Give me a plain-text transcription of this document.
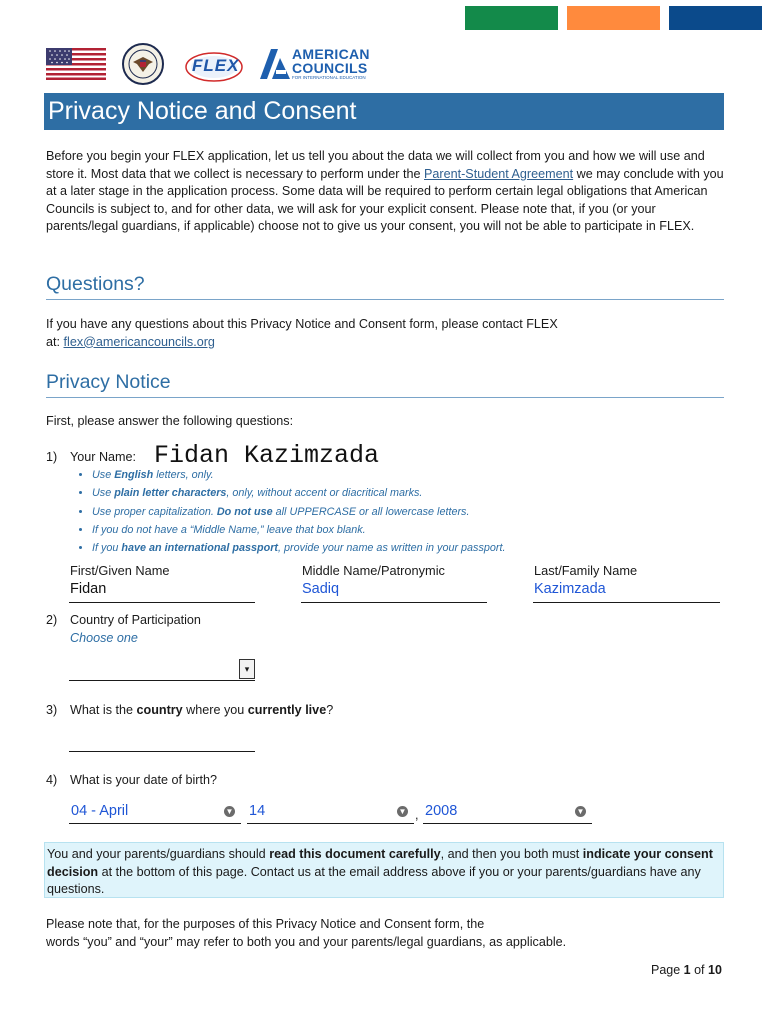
FLEX
AMERICAN
COUNCILS
FOR INTERNATIONAL EDUCATION
Privacy Notice and Consent
Before you begin your FLEX application, let us tell you about the data we will collect from you and how we will use and store it. Most data that we collect is necessary to perform under the Parent-Student Agreement we may conclude with you at a later stage in the application process. Some data will be required to perform certain legal obligations that American Councils is subject to, and for other data, we will ask for your explicit consent. Please note that, if you (or your parents/legal guardians, if applicable) choose not to give us your consent, you will not be able to participate in FLEX.
Questions?
If you have any questions about this Privacy Notice and Consent form, please contact FLEX
at: flex@americancouncils.org
Privacy Notice
First, please answer the following questions:
1) Your Name: Fidan Kazimzada
• Use English letters, only.
• Use plain letter characters, only, without accent or diacritical marks.
• Use proper capitalization. Do not use all UPPERCASE or all lowercase letters.
• If you do not have a “Middle Name,” leave that box blank.
• If you have an international passport, provide your name as written in your passport.
First/Given Name
Fidan
Middle Name/Patronymic
Sadiq
Last/Family Name
Kazimzada
2) Country of Participation
Choose one
▾
3) What is the country where you currently live?
4) What is your date of birth?
04 - April	▼ 14	▼ , 2008	▼
You and your parents/guardians should read this document carefully, and then you both must indicate your consent decision at the bottom of this page. Contact us at the email address above if you or your parents/guardians have any questions.
Please note that, for the purposes of this Privacy Notice and Consent form, the
words “you” and “your” may refer to both you and your parents/legal guardians, as applicable.
Page 1 of 10
